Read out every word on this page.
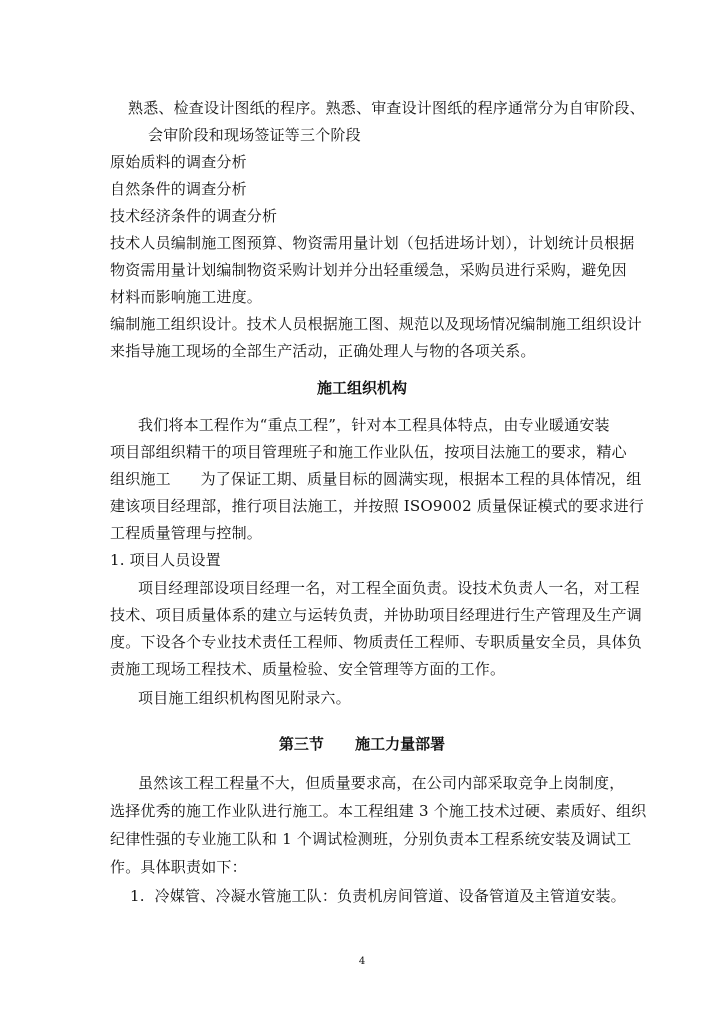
熟悉、检查设计图纸的程序。熟悉、审查设计图纸的程序通常分为自审阶段、
会审阶段和现场签证等三个阶段
原始质料的调查分析
自然条件的调查分析
技术经济条件的调查分析
技术人员编制施工图预算、物资需用量计划（包括进场计划），计划统计员根据
物资需用量计划编制物资采购计划并分出轻重缓急，采购员进行采购，避免因
材料而影响施工进度。
编制施工组织设计。技术人员根据施工图、规范以及现场情况编制施工组织设计
来指导施工现场的全部生产活动，正确处理人与物的各项关系。
施工组织机构
我们将本工程作为“重点工程”，针对本工程具体特点，由专业暖通安装
项目部组织精干的项目管理班子和施工作业队伍，按项目法施工的要求，精心
组织施工      为了保证工期、质量目标的圆满实现，根据本工程的具体情况，组
建该项目经理部，推行项目法施工，并按照 ISO9002 质量保证模式的要求进行
工程质量管理与控制。
1. 项目人员设置
项目经理部设项目经理一名，对工程全面负责。设技术负责人一名，对工程
技术、项目质量体系的建立与运转负责，并协助项目经理进行生产管理及生产调
度。下设各个专业技术责任工程师、物质责任工程师、专职质量安全员，具体负
责施工现场工程技术、质量检验、安全管理等方面的工作。
项目施工组织机构图见附录六。
第三节      施工力量部署
虽然该工程工程量不大，但质量要求高，在公司内部采取竞争上岗制度，
选择优秀的施工作业队进行施工。本工程组建 3 个施工技术过硬、素质好、组织
纪律性强的专业施工队和 1 个调试检测班，分别负责本工程系统安装及调试工
作。具体职责如下：
1.  冷媒管、冷凝水管施工队：负责机房间管道、设备管道及主管道安装。
4
